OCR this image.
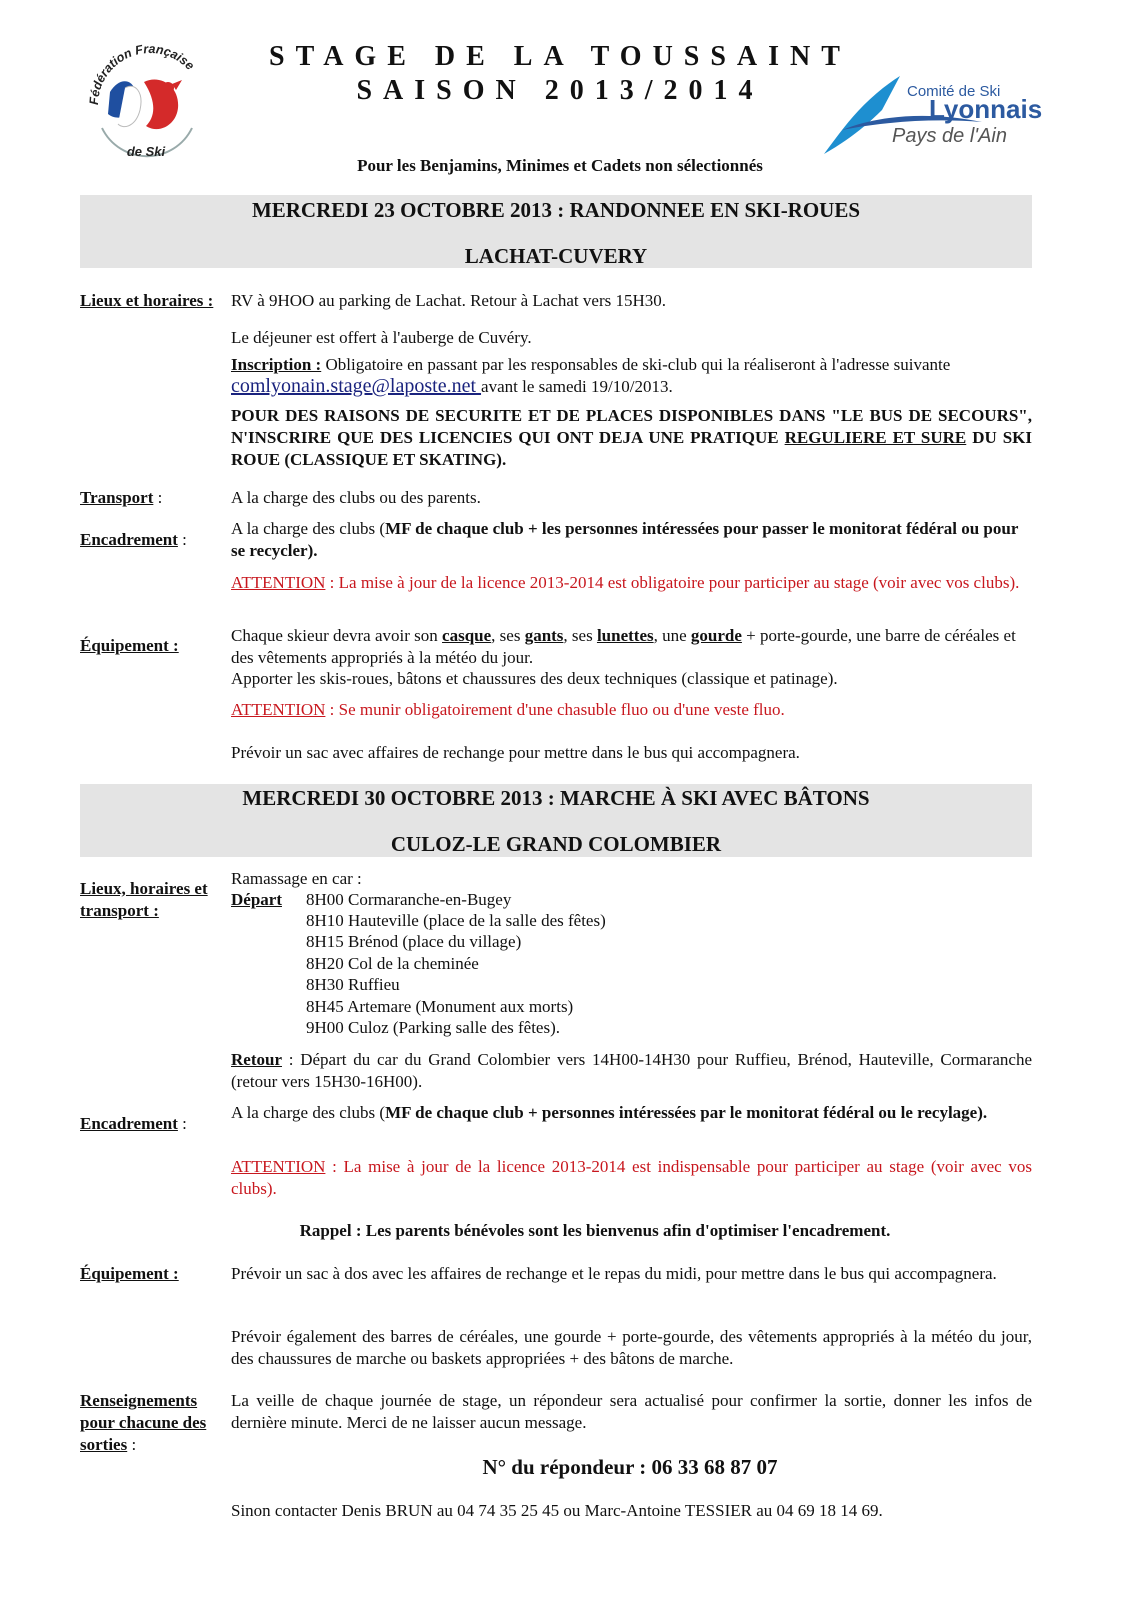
Fédération Française
de Ski
STAGE DE LA TOUSSAINT
SAISON 2013/2014	Comité de Ski
Lyonnais
Pays de l'Ain
Pour les Benjamins, Minimes et Cadets non sélectionnés
MERCREDI 23 OCTOBRE 2013 : RANDONNEE EN SKI-ROUES
LACHAT-CUVERY
Lieux et horaires : RV à 9HOO au parking de Lachat. Retour à Lachat vers 15H30.
Le déjeuner est offert à l'auberge de Cuvéry.
Inscription : Obligatoire en passant par les responsables de ski-club qui la réaliseront à l'adresse suivante
comlyonain.stage@laposte.net avant le samedi 19/10/2013.
POUR DES RAISONS DE SECURITE ET DE PLACES DISPONIBLES DANS "LE BUS DE SECOURS", N'INSCRIRE QUE DES LICENCIES QUI ONT DEJA UNE PRATIQUE REGULIERE ET SURE DU SKI ROUE (CLASSIQUE ET SKATING).
Transport :	A la charge des clubs ou des parents.
Encadrement :
A la charge des clubs (MF de chaque club + les personnes intéressées pour passer le monitorat fédéral ou pour se recycler).
ATTENTION : La mise à jour de la licence 2013-2014 est obligatoire pour participer au stage (voir avec vos clubs).
Équipement :
Chaque skieur devra avoir son casque, ses gants, ses lunettes, une gourde + porte-gourde, une barre de céréales et des vêtements appropriés à la météo du jour.
Apporter les skis-roues, bâtons et chaussures des deux techniques (classique et patinage).
ATTENTION : Se munir obligatoirement d'une chasuble fluo ou d'une veste fluo.
Prévoir un sac avec affaires de rechange pour mettre dans le bus qui accompagnera.
MERCREDI 30 OCTOBRE 2013 : MARCHE À SKI AVEC BÂTONS
CULOZ-LE GRAND COLOMBIER
Lieux, horaires et
transport :
Ramassage en car :
Départ 8H00 Cormaranche-en-Bugey
8H10 Hauteville (place de la salle des fêtes)
8H15 Brénod (place du village)
8H20 Col de la cheminée
8H30 Ruffieu
8H45 Artemare (Monument aux morts)
9H00 Culoz (Parking salle des fêtes).
Retour : Départ du car du Grand Colombier vers 14H00-14H30 pour Ruffieu, Brénod, Hauteville, Cormaranche (retour vers 15H30-16H00).
Encadrement :
A la charge des clubs (MF de chaque club + personnes intéressées par le monitorat fédéral ou le recylage).
ATTENTION : La mise à jour de la licence 2013-2014 est indispensable pour participer au stage (voir avec vos clubs).
Rappel : Les parents bénévoles sont les bienvenus afin d'optimiser l'encadrement.
Équipement :	Prévoir un sac à dos avec les affaires de rechange et le repas du midi, pour mettre dans le bus qui accompagnera.
Prévoir également des barres de céréales, une gourde + porte-gourde, des vêtements appropriés à la météo du jour, des chaussures de marche ou baskets appropriées + des bâtons de marche.
Renseignements
pour chacune des
sorties :
La veille de chaque journée de stage, un répondeur sera actualisé pour confirmer la sortie, donner les infos de dernière minute. Merci de ne laisser aucun message.
N° du répondeur : 06 33 68 87 07
Sinon contacter Denis BRUN au 04 74 35 25 45 ou Marc-Antoine TESSIER au 04 69 18 14 69.
